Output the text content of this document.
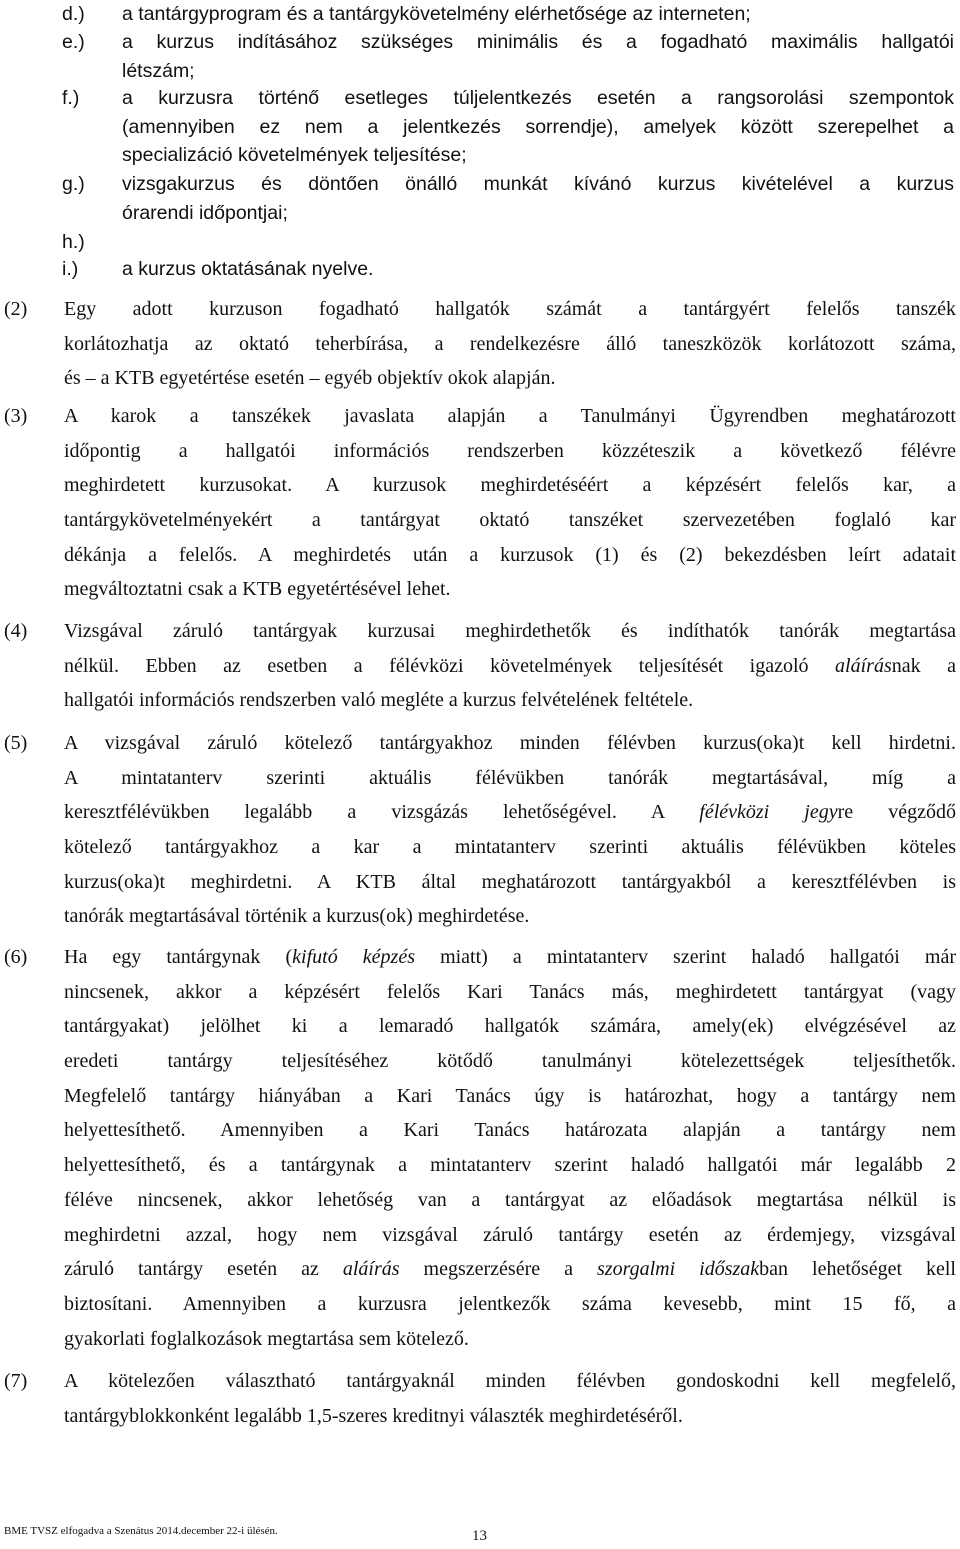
d.) a tantárgyprogram és a tantárgykövetelmény elérhetősége az interneten;
e.) a kurzus indításához szükséges minimális és a fogadható maximális hallgatói
létszám;
f.) a kurzusra történő esetleges túljelentkezés esetén a rangsorolási szempontok
(amennyiben ez nem a jelentkezés sorrendje), amelyek között szerepelhet a
specializáció követelmények teljesítése;
g.) vizsgakurzus és döntően önálló munkát kívánó kurzus kivételével a kurzus
órarendi időpontjai;
h.)
i.) a kurzus oktatásának nyelve.
(2) Egy adott kurzuson fogadható hallgatók számát a tantárgyért felelős tanszék
korlátozhatja az oktató teherbírása, a rendelkezésre álló taneszközök korlátozott száma,
és – a KTB egyetértése esetén – egyéb objektív okok alapján.
(3) A karok a tanszékek javaslata alapján a Tanulmányi Ügyrendben meghatározott
időpontig a hallgatói információs rendszerben közzéteszik a következő félévre
meghirdetett kurzusokat. A kurzusok meghirdetéséért a képzésért felelős kar, a
tantárgykövetelményekért a tantárgyat oktató tanszéket szervezetében foglaló kar
dékánja a felelős. A meghirdetés után a kurzusok (1) és (2) bekezdésben leírt adatait
megváltoztatni csak a KTB egyetértésével lehet.
(4) Vizsgával záruló tantárgyak kurzusai meghirdethetők és indíthatók tanórák megtartása
nélkül. Ebben az esetben a félévközi követelmények teljesítését igazoló aláírásnak a
hallgatói információs rendszerben való megléte a kurzus felvételének feltétele.
(5) A vizsgával záruló kötelező tantárgyakhoz minden félévben kurzus(oka)t kell hirdetni.
A mintatanterv szerinti aktuális félévükben tanórák megtartásával, míg a
keresztfélévükben legalább a vizsgázás lehetőségével. A félévközi jegyre végződő
kötelező tantárgyakhoz a kar a mintatanterv szerinti aktuális félévükben köteles
kurzus(oka)t meghirdetni. A KTB által meghatározott tantárgyakból a keresztfélévben is
tanórák megtartásával történik a kurzus(ok) meghirdetése.
(6) Ha egy tantárgynak (kifutó képzés miatt) a mintatanterv szerint haladó hallgatói már
nincsenek, akkor a képzésért felelős Kari Tanács más, meghirdetett tantárgyat (vagy
tantárgyakat) jelölhet ki a lemaradó hallgatók számára, amely(ek) elvégzésével az
eredeti tantárgy teljesítéséhez kötődő tanulmányi kötelezettségek teljesíthetők.
Megfelelő tantárgy hiányában a Kari Tanács úgy is határozhat, hogy a tantárgy nem
helyettesíthető. Amennyiben a Kari Tanács határozata alapján a tantárgy nem
helyettesíthető, és a tantárgynak a mintatanterv szerint haladó hallgatói már legalább 2
féléve nincsenek, akkor lehetőség van a tantárgyat az előadások megtartása nélkül is
meghirdetni azzal, hogy nem vizsgával záruló tantárgy esetén az érdemjegy, vizsgával
záruló tantárgy esetén az aláírás megszerzésére a szorgalmi időszakban lehetőséget kell
biztosítani. Amennyiben a kurzusra jelentkezők száma kevesebb, mint 15 fő, a
gyakorlati foglalkozások megtartása sem kötelező.
(7) A kötelezően választható tantárgyaknál minden félévben gondoskodni kell megfelelő,
tantárgyblokkonként legalább 1,5-szeres kreditnyi választék meghirdetéséről.
BME TVSZ elfogadva a Szenátus 2014.december 22-i ülésén.	13
